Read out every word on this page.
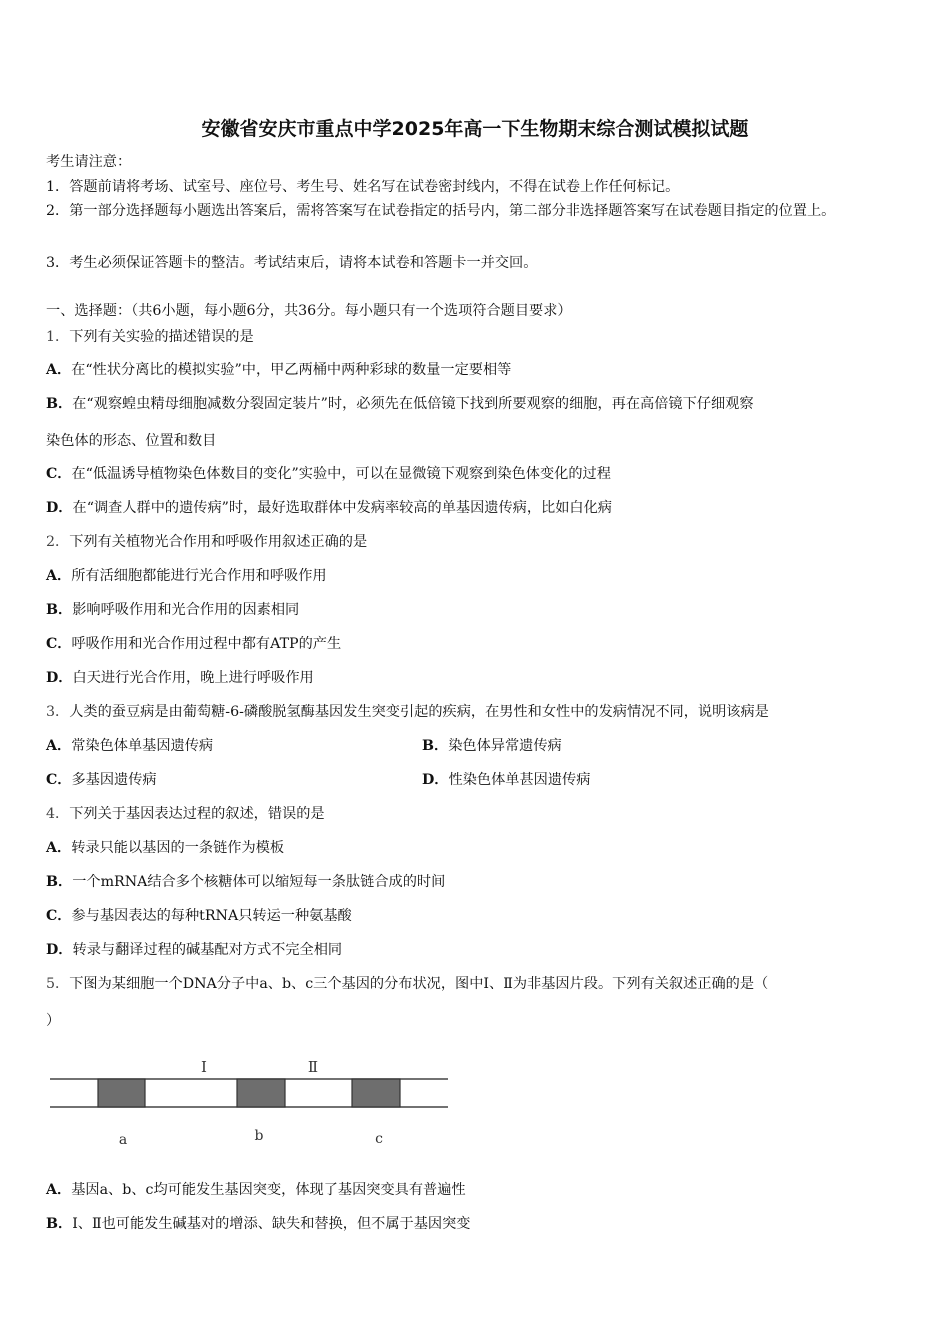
安徽省安庆市重点中学2025年高一下生物期末综合测试模拟试题
考生请注意：
1．答题前请将考场、试室号、座位号、考生号、姓名写在试卷密封线内，不得在试卷上作任何标记。
2．第一部分选择题每小题选出答案后，需将答案写在试卷指定的括号内，第二部分非选择题答案写在试卷题目指定的位置上。
3．考生必须保证答题卡的整洁。考试结束后，请将本试卷和答题卡一并交回。
一、选择题：（共6小题，每小题6分，共36分。每小题只有一个选项符合题目要求）
1．下列有关实验的描述错误的是
A．在“性状分离比的模拟实验”中，甲乙两桶中两种彩球的数量一定要相等
B．在“观察蝗虫精母细胞减数分裂固定装片”时，必须先在低倍镜下找到所要观察的细胞，再在高倍镜下仔细观察
染色体的形态、位置和数目
C．在“低温诱导植物染色体数目的变化”实验中，可以在显微镜下观察到染色体变化的过程
D．在“调查人群中的遗传病”时，最好选取群体中发病率较高的单基因遗传病，比如白化病
2．下列有关植物光合作用和呼吸作用叙述正确的是
A．所有活细胞都能进行光合作用和呼吸作用
B．影响呼吸作用和光合作用的因素相同
C．呼吸作用和光合作用过程中都有ATP的产生
D．白天进行光合作用，晚上进行呼吸作用
3．人类的蚕豆病是由葡萄糖-6-磷酸脱氢酶基因发生突变引起的疾病，在男性和女性中的发病情况不同，说明该病是
A．常染色体单基因遗传病	B．染色体异常遗传病
C．多基因遗传病	D．性染色体单甚因遗传病
4．下列关于基因表达过程的叙述，错误的是
A．转录只能以基因的一条链作为模板
B．一个mRNA结合多个核糖体可以缩短每一条肽链合成的时间
C．参与基因表达的每种tRNA只转运一种氨基酸
D．转录与翻译过程的碱基配对方式不完全相同
5．下图为某细胞一个DNA分子中a、b、c三个基因的分布状况，图中Ⅰ、Ⅱ为非基因片段。下列有关叙述正确的是（
）
Ⅰ	Ⅱ
a	b	c
A．基因a、b、c均可能发生基因突变，体现了基因突变具有普遍性
B．Ⅰ、Ⅱ也可能发生碱基对的增添、缺失和替换，但不属于基因突变
